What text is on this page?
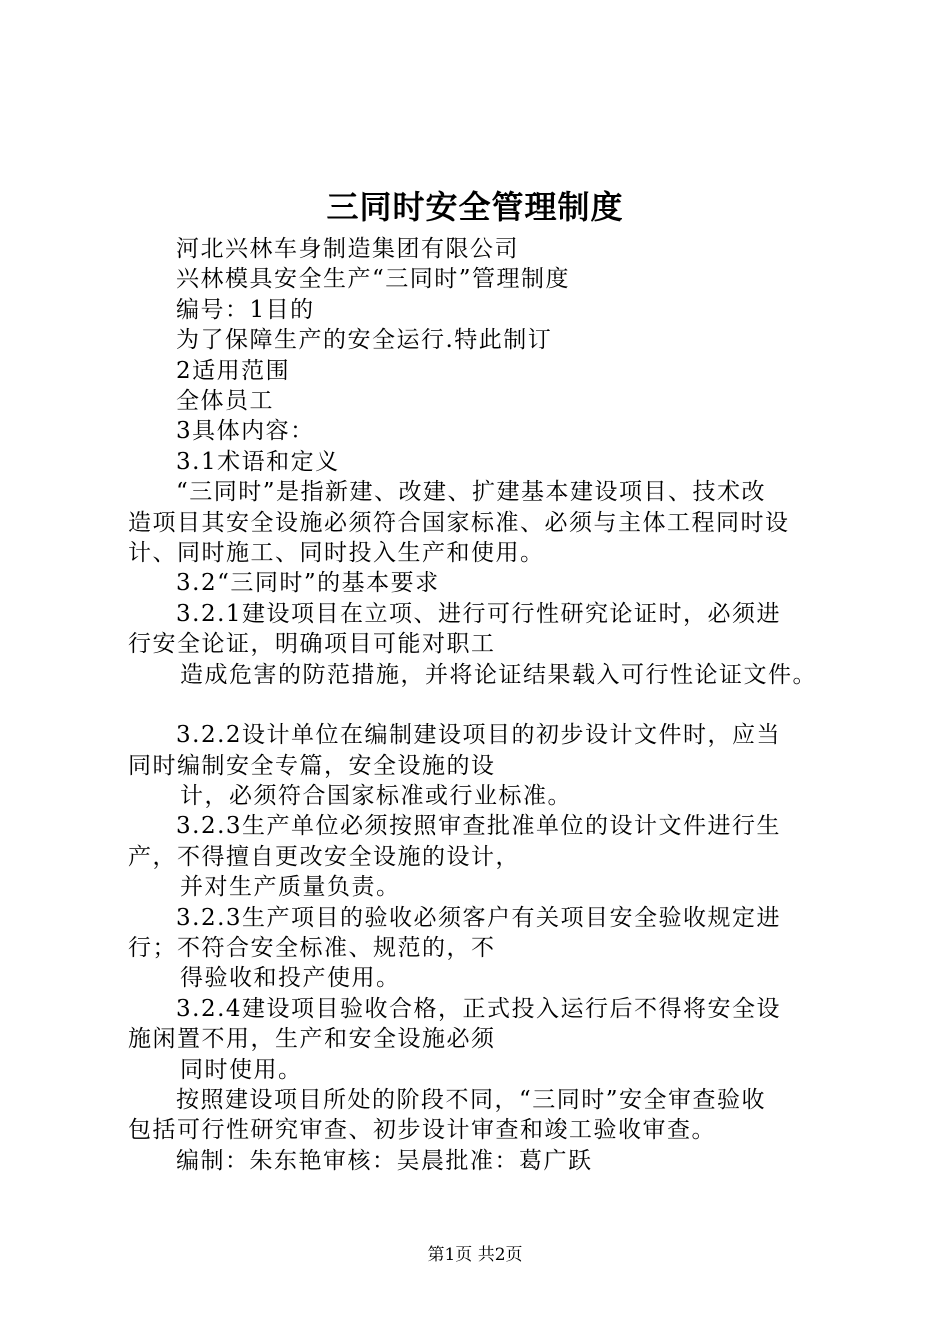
三同时安全管理制度

河北兴林车身制造集团有限公司

兴林模具安全生产“三同时”管理制度

编号：1目的

为了保障生产的安全运行.特此制订

2适用范围

全体员工

3具体内容：

3.1术语和定义

“三同时”是指新建、改建、扩建基本建设项目、技术改
造项目其安全设施必须符合国家标准、必须与主体工程同时设
计、同时施工、同时投入生产和使用。

3.2“三同时”的基本要求

3.2.1建设项目在立项、进行可行性研究论证时，必须进
行安全论证，明确项目可能对职工

造成危害的防范措施，并将论证结果载入可行性论证文件。

3.2.2设计单位在编制建设项目的初步设计文件时，应当
同时编制安全专篇，安全设施的设

计，必须符合国家标准或行业标准。

3.2.3生产单位必须按照审查批准单位的设计文件进行生
产，不得擅自更改安全设施的设计，

并对生产质量负责。

3.2.3生产项目的验收必须客户有关项目安全验收规定进
行；不符合安全标准、规范的，不

得验收和投产使用。

3.2.4建设项目验收合格，正式投入运行后不得将安全设
施闲置不用，生产和安全设施必须

同时使用。

按照建设项目所处的阶段不同，“三同时”安全审查验收
包括可行性研究审查、初步设计审查和竣工验收审查。

编制：朱东艳审核：吴晨批准：葛广跃

第1页 共2页
